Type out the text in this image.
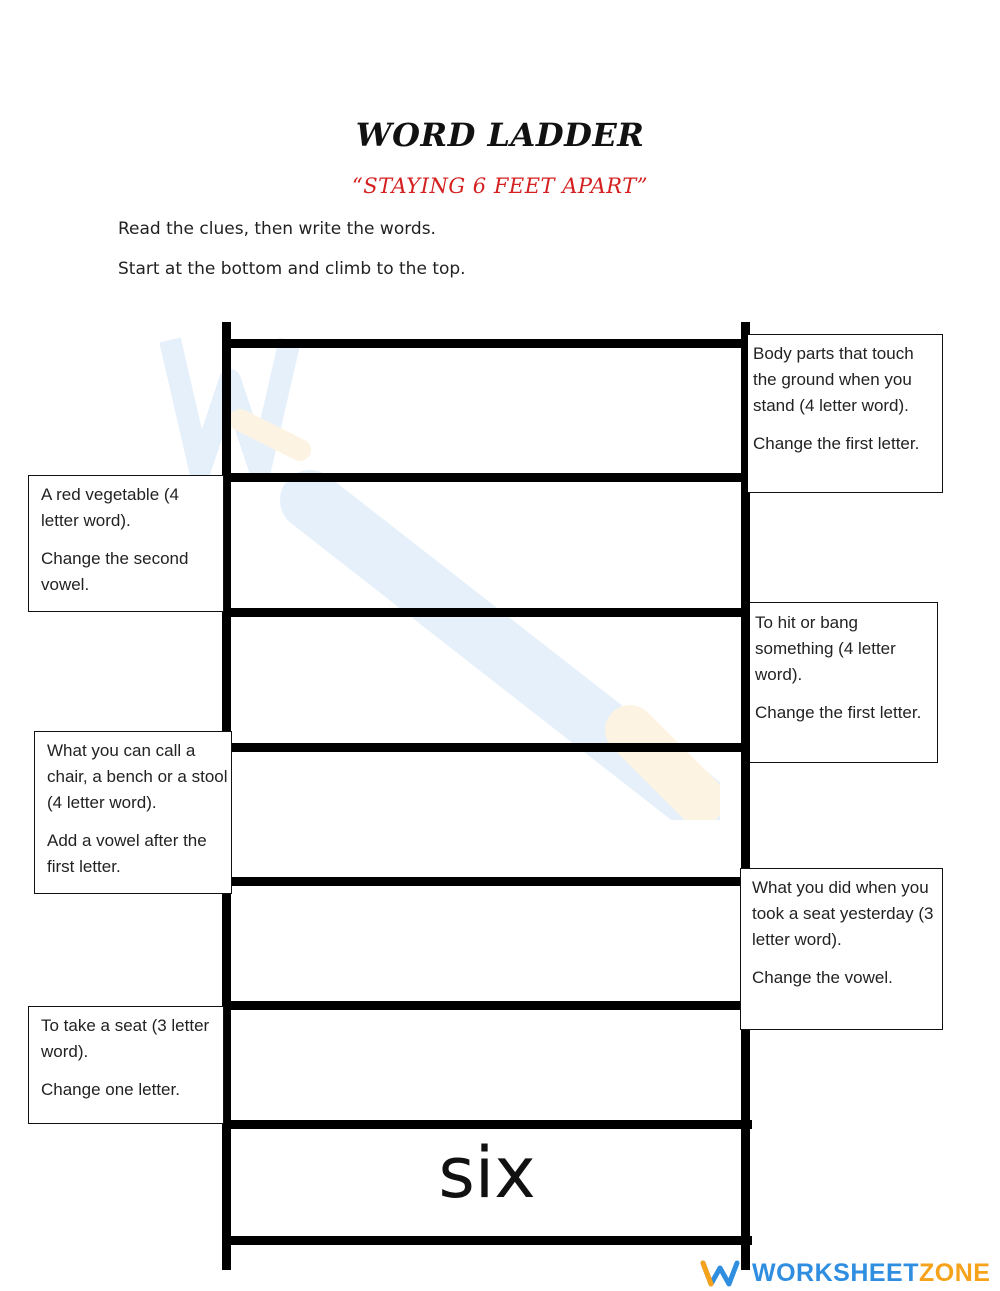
WORD LADDER
“STAYING 6 FEET APART”
Read the clues, then write the words.
Start at the bottom and climb to the top.
six

Body parts that touch the ground when you stand (4 letter word).

Change the first letter.

A red vegetable (4 letter word).

Change the second vowel.

To hit or bang something (4 letter word).

Change the first letter.

What you can call a chair, a bench or a stool (4 letter word).

Add a vowel after the first letter.

What you did when you took a seat yesterday (3 letter word).

Change the vowel.

To take a seat (3 letter word).

Change one letter.

WORKSHEETZONE
